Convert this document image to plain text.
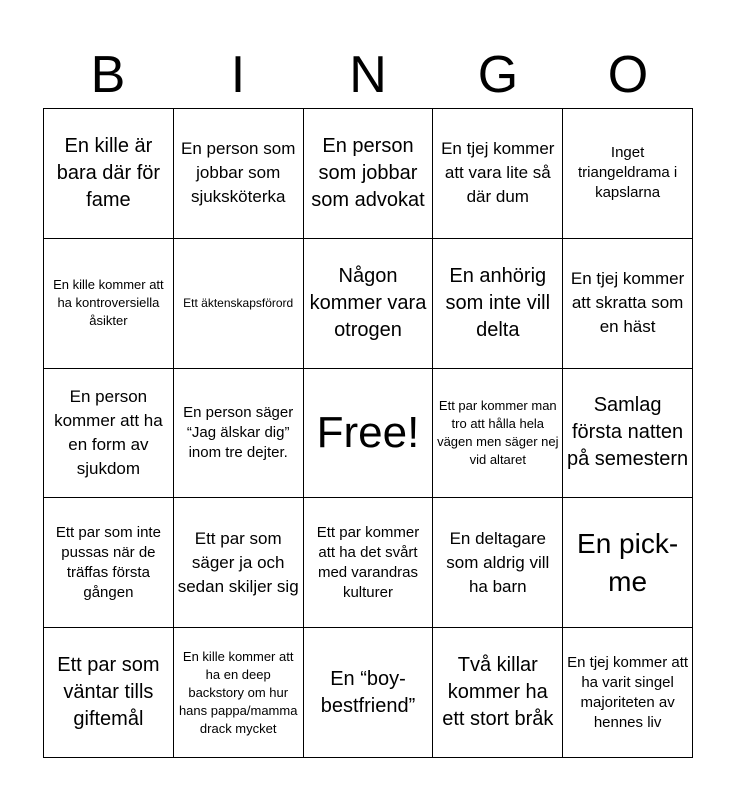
B	I	N	G	O
En kille är bara där för fame
En person som jobbar som sjuksköterka
En person som jobbar som advokat
En tjej kommer att vara lite så där dum
Inget triangeldrama i kapslarna
En kille kommer att ha kontroversiella åsikter
Ett äktenskapsförord
Någon kommer vara otrogen
En anhörig som inte vill delta
En tjej kommer att skratta som en häst
En person kommer att ha en form av sjukdom
En person säger “Jag älskar dig” inom tre dejter. Free!
Ett par kommer man tro att hålla hela vägen men säger nej vid altaret
Samlag första natten på semestern
Ett par som inte pussas när de träffas första gången
Ett par som säger ja och sedan skiljer sig
Ett par kommer att ha det svårt med varandras kulturer
En deltagare som aldrig vill ha barn
En pick-me
Ett par som väntar tills giftemål
En kille kommer att ha en deep backstory om hur hans pappa/mamma drack mycket
En “boy-bestfriend”
Två killar kommer ha ett stort bråk
En tjej kommer att ha varit singel majoriteten av hennes liv
